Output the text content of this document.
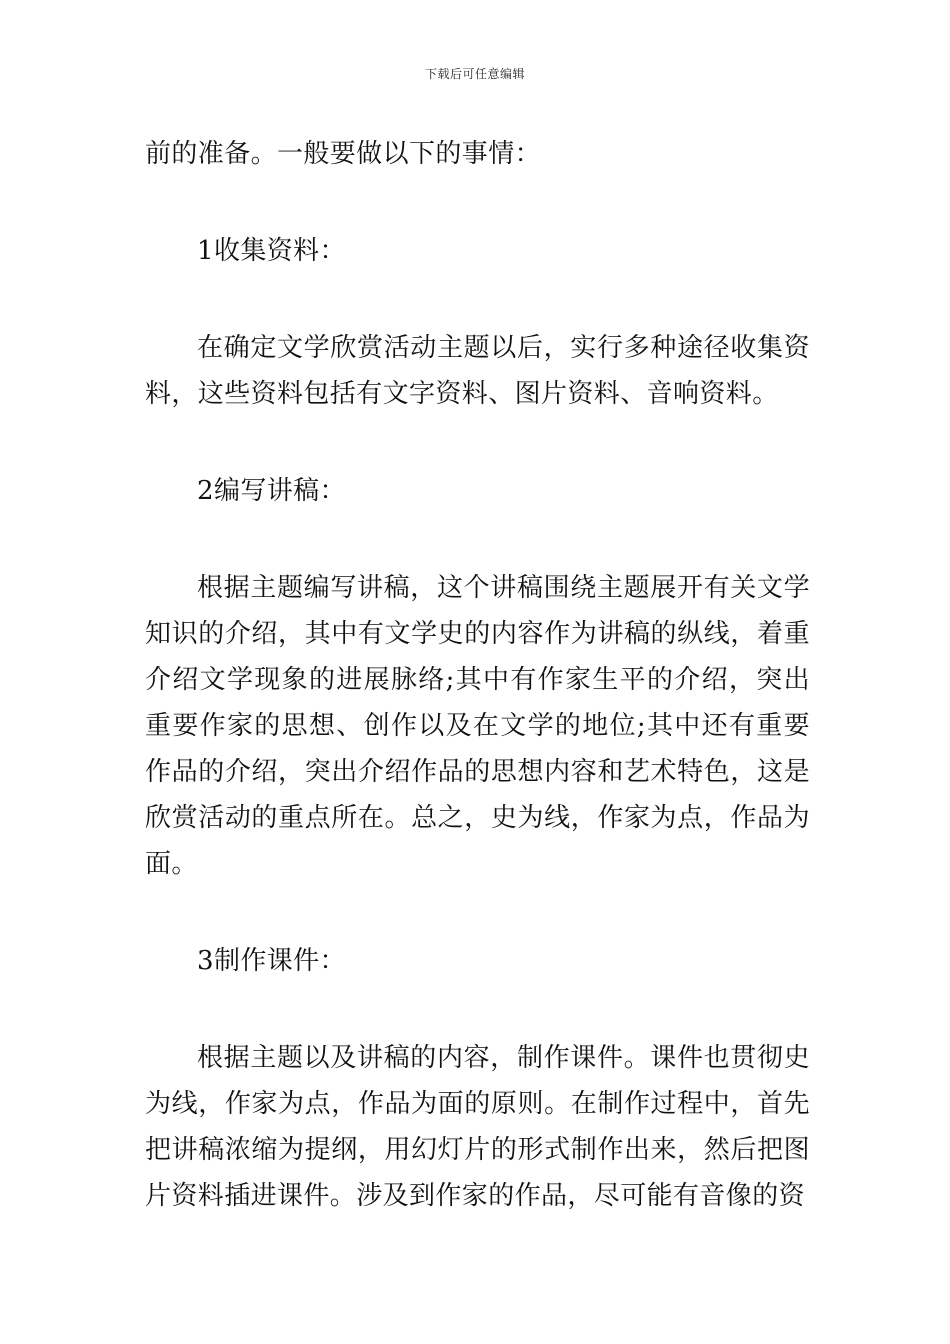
下载后可任意编辑

前的准备。一般要做以下的事情：

1收集资料：

在确定文学欣赏活动主题以后，实行多种途径收集资料，这些资料包括有文字资料、图片资料、音响资料。

2编写讲稿：

根据主题编写讲稿，这个讲稿围绕主题展开有关文学知识的介绍，其中有文学史的内容作为讲稿的纵线，着重介绍文学现象的进展脉络;其中有作家生平的介绍，突出重要作家的思想、创作以及在文学的地位;其中还有重要作品的介绍，突出介绍作品的思想内容和艺术特色，这是欣赏活动的重点所在。总之，史为线，作家为点，作品为面。

3制作课件：

根据主题以及讲稿的内容，制作课件。课件也贯彻史为线，作家为点，作品为面的原则。在制作过程中，首先把讲稿浓缩为提纲，用幻灯片的形式制作出来，然后把图片资料插进课件。涉及到作家的作品，尽可能有音像的资
